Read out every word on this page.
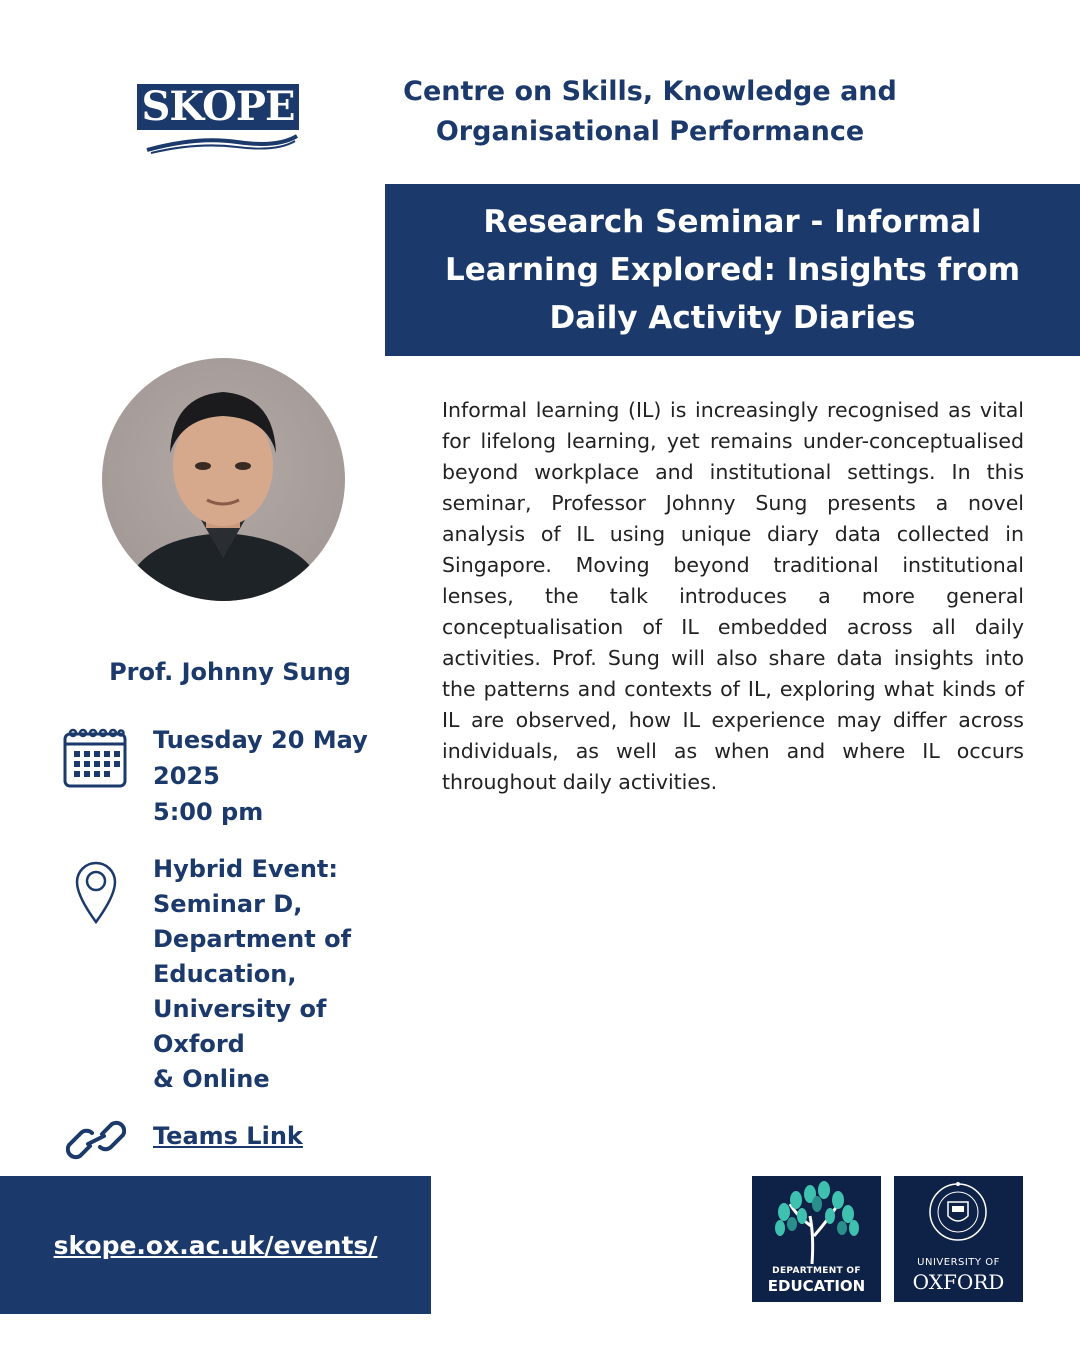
SKOPE	Centre on Skills, Knowledge and Organisational Performance
Research Seminar - Informal Learning Explored: Insights from Daily Activity Diaries
Prof. Johnny Sung
Tuesday 20 May
2025
5:00 pm
Hybrid Event:
Seminar D,
Department of
Education,
University of
Oxford
& Online
Teams Link

Informal learning (IL) is increasingly recognised as vital for lifelong learning, yet remains under-conceptualised beyond workplace and institutional settings. In this seminar, Professor Johnny Sung presents a novel analysis of IL using unique diary data collected in Singapore. Moving beyond traditional institutional lenses, the talk introduces a more general conceptualisation of IL embedded across all daily activities. Prof. Sung will also share data insights into the patterns and contexts of IL, exploring what kinds of IL are observed, how IL experience may differ across individuals, as well as when and where IL occurs throughout daily activities.

skope.ox.ac.uk/events/
DEPARTMENT OF
EDUCATION
UNIVERSITY OF
OXFORD
